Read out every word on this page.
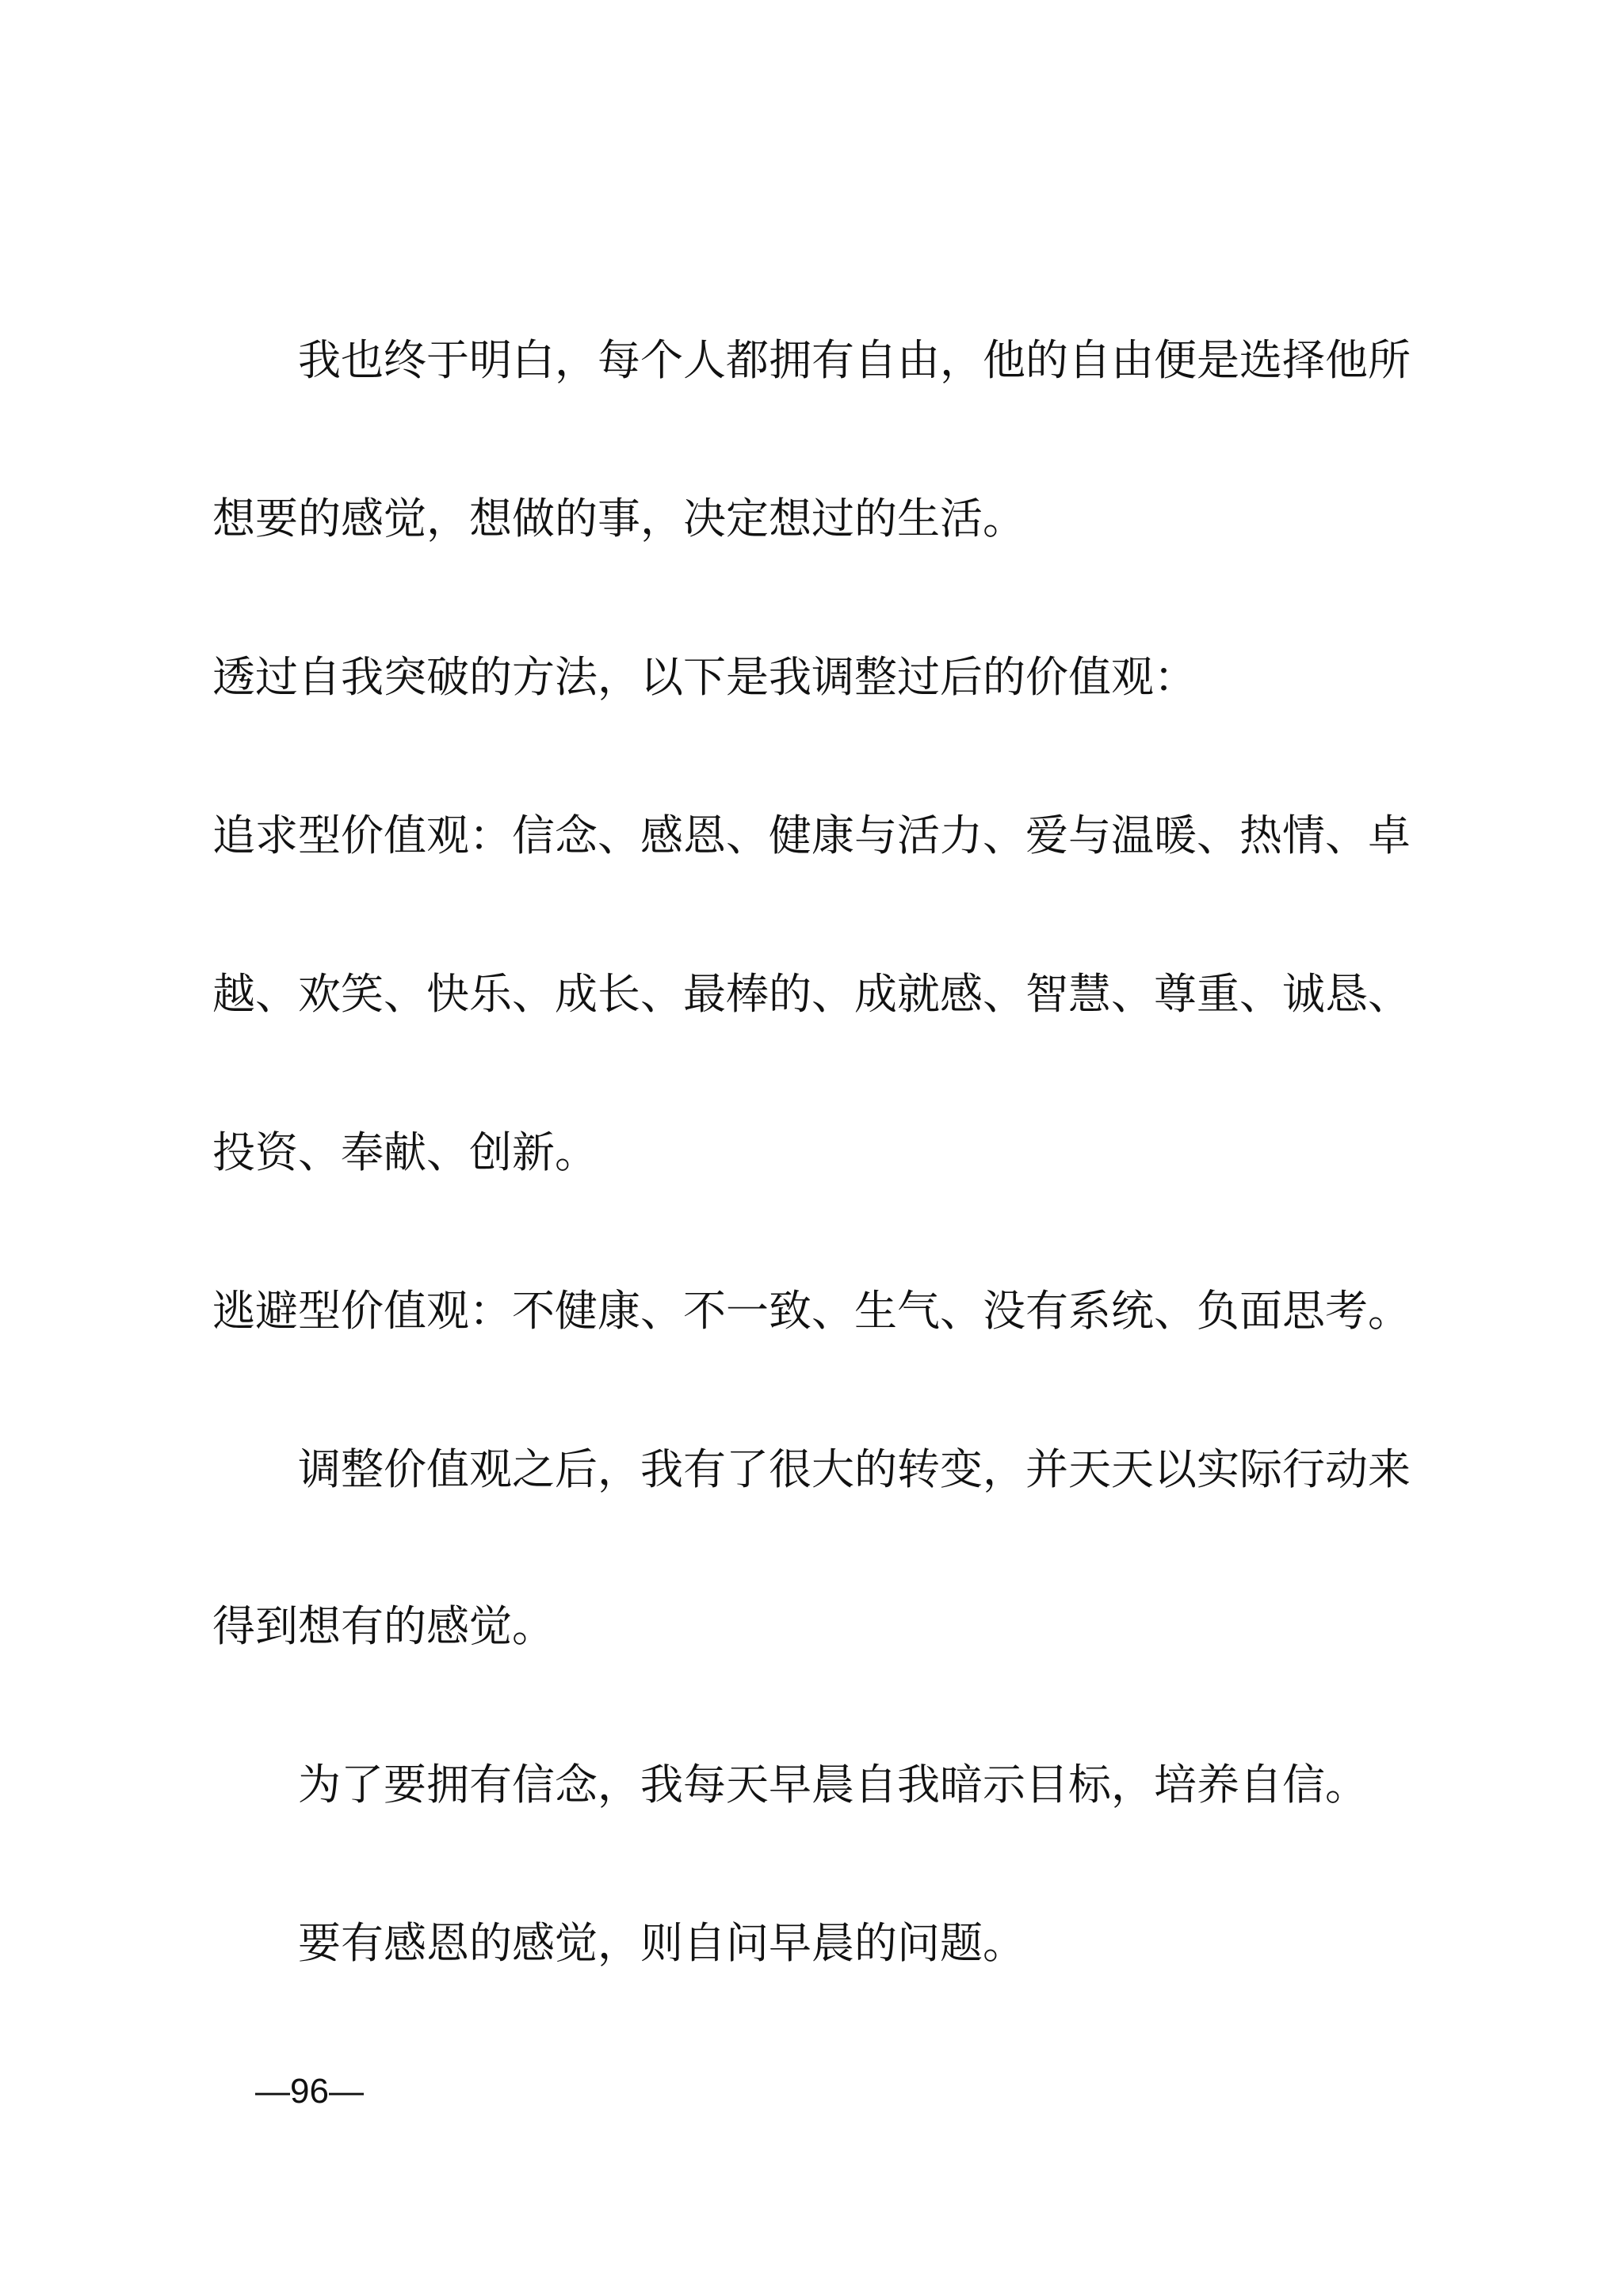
我也终于明白，每个人都拥有自由，他的自由便是选择他所
想要的感觉，想做的事，决定想过的生活。
透过自我突破的方法，以下是我调整过后的价值观：
追求型价值观：信念、感恩、健康与活力、爱与温暖、热情、卓
越、欢笑、快乐、成长、最棒的、成就感、智慧、尊重、诚恳、
投资、奉献、创新。
逃避型价值观：不健康、不一致、生气、没有系统、负面思考。
调整价值观之后，我有了很大的转变，并天天以实际行动来
得到想有的感觉。
为了要拥有信念，我每天早晨自我暗示目标，培养自信。
要有感恩的感觉，则自问早晨的问题。
—96—
